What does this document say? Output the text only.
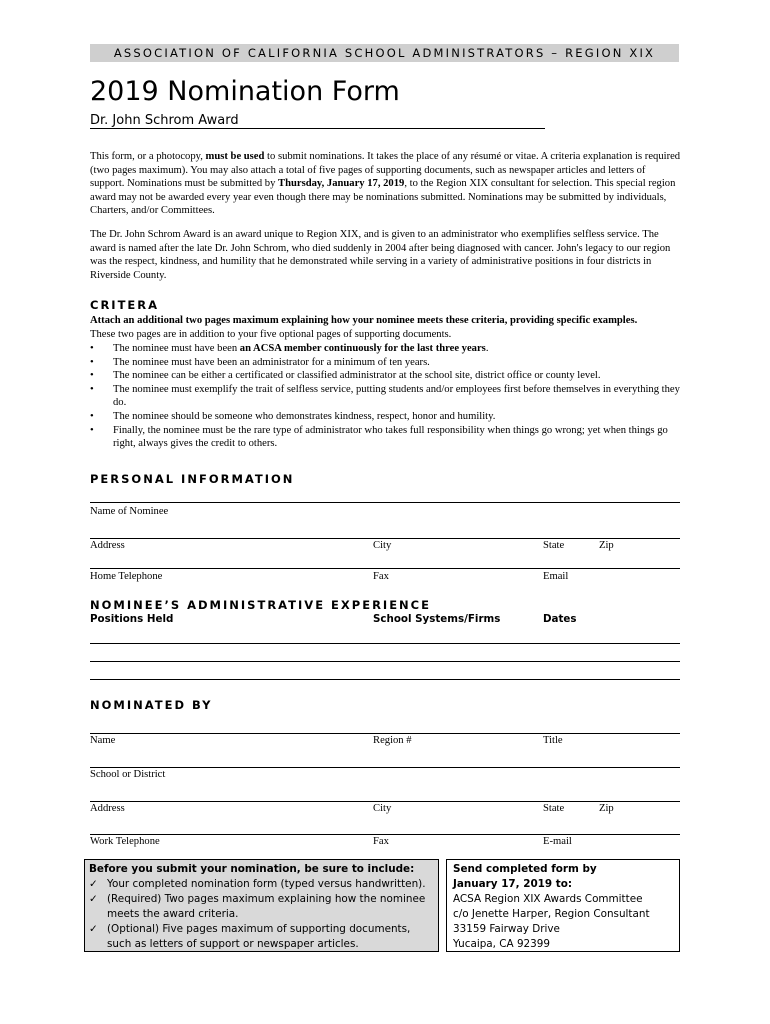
ASSOCIATION OF CALIFORNIA SCHOOL ADMINISTRATORS – REGION XIX
2019 Nomination Form
Dr. John Schrom Award
This form, or a photocopy, must be used to submit nominations. It takes the place of any résumé or vitae. A criteria explanation is required (two pages maximum). You may also attach a total of five pages of supporting documents, such as newspaper articles and letters of support. Nominations must be submitted by Thursday, January 17, 2019, to the Region XIX consultant for selection. This special region award may not be awarded every year even though there may be nominations submitted. Nominations may be submitted by individuals, Charters, and/or Committees.
The Dr. John Schrom Award is an award unique to Region XIX, and is given to an administrator who exemplifies selfless service. The award is named after the late Dr. John Schrom, who died suddenly in 2004 after being diagnosed with cancer. John's legacy to our region was the respect, kindness, and humility that he demonstrated while serving in a variety of administrative positions in four districts in Riverside County.
CRITERA
Attach an additional two pages maximum explaining how your nominee meets these criteria, providing specific examples.
These two pages are in addition to your five optional pages of supporting documents.
• The nominee must have been an ACSA member continuously for the last three years.
• The nominee must have been an administrator for a minimum of ten years.
• The nominee can be either a certificated or classified administrator at the school site, district office or county level.
• The nominee must exemplify the trait of selfless service, putting students and/or employees first before themselves in everything they do.
• The nominee should be someone who demonstrates kindness, respect, honor and humility.
• Finally, the nominee must be the rare type of administrator who takes full responsibility when things go wrong; yet when things go right, always gives the credit to others.
PERSONAL INFORMATION
Name of Nominee
Address	City	State	Zip
Home Telephone	Fax	Email
NOMINEE’S ADMINISTRATIVE EXPERIENCE
Positions Held	School Systems/Firms	Dates
NOMINATED BY
Name	Region #	Title
School or District
Address	City	State	Zip
Work Telephone	Fax	E-mail
Before you submit your nomination, be sure to include:
✓ Your completed nomination form (typed versus handwritten).

✓ (Required) Two pages maximum explaining how the nominee meets the award criteria.
✓ (Optional) Five pages maximum of supporting documents, such as letters of support or newspaper articles.
Send completed form by
January 17, 2019 to:
ACSA Region XIX Awards Committee
c/o Jenette Harper, Region Consultant
33159 Fairway Drive
Yucaipa, CA 92399
